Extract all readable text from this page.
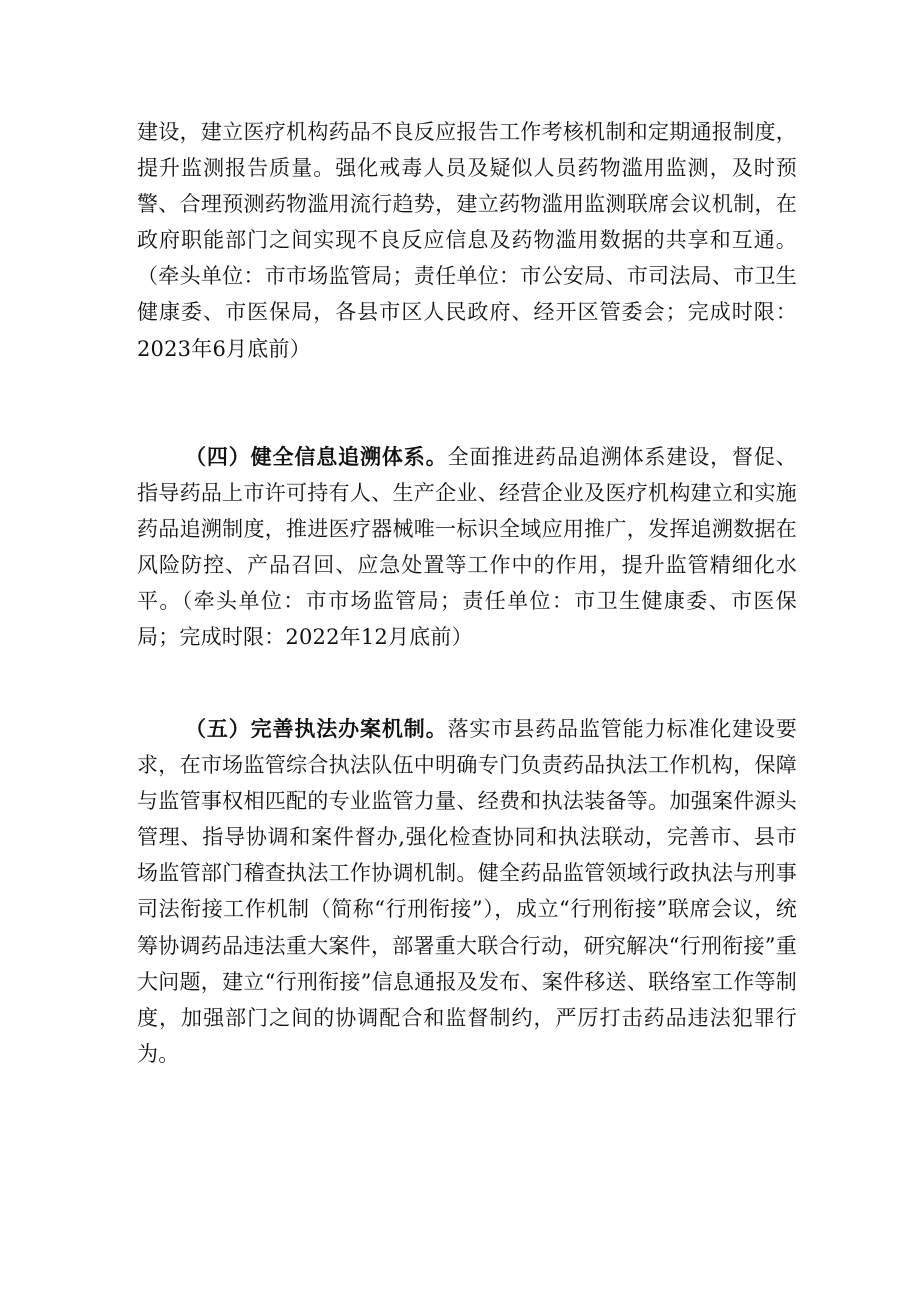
建设，建立医疗机构药品不良反应报告工作考核机制和定期通报制度，提升监测报告质量。强化戒毒人员及疑似人员药物滥用监测，及时预警、合理预测药物滥用流行趋势，建立药物滥用监测联席会议机制，在政府职能部门之间实现不良反应信息及药物滥用数据的共享和互通。（牵头单位：市市场监管局；责任单位：市公安局、市司法局、市卫生健康委、市医保局，各县市区人民政府、经开区管委会；完成时限：2023年6月底前）

（四）健全信息追溯体系。全面推进药品追溯体系建设，督促、指导药品上市许可持有人、生产企业、经营企业及医疗机构建立和实施药品追溯制度，推进医疗器械唯一标识全域应用推广，发挥追溯数据在风险防控、产品召回、应急处置等工作中的作用，提升监管精细化水平。（牵头单位：市市场监管局；责任单位：市卫生健康委、市医保局；完成时限：2022年12月底前）

（五）完善执法办案机制。落实市县药品监管能力标准化建设要求，在市场监管综合执法队伍中明确专门负责药品执法工作机构，保障与监管事权相匹配的专业监管力量、经费和执法装备等。加强案件源头管理、指导协调和案件督办,强化检查协同和执法联动，完善市、县市场监管部门稽查执法工作协调机制。健全药品监管领域行政执法与刑事司法衔接工作机制（简称“行刑衔接”），成立“行刑衔接”联席会议，统筹协调药品违法重大案件，部署重大联合行动，研究解决“行刑衔接”重大问题，建立“行刑衔接”信息通报及发布、案件移送、联络室工作等制度，加强部门之间的协调配合和监督制约，严厉打击药品违法犯罪行为。
